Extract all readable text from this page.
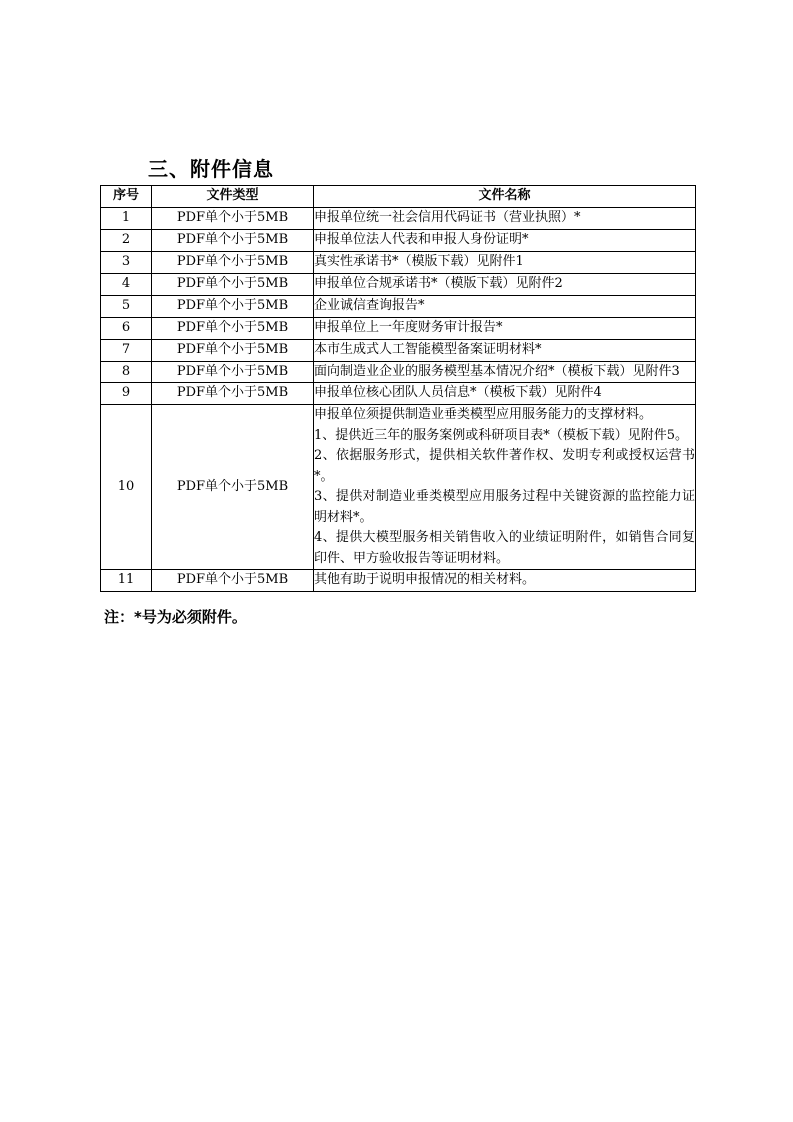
三、附件信息
序号	文件类型	文件名称
1	PDF单个小于5MB	申报单位统一社会信用代码证书（营业执照）*
2	PDF单个小于5MB	申报单位法人代表和申报人身份证明*
3	PDF单个小于5MB	真实性承诺书*（模版下载）见附件1
4	PDF单个小于5MB	申报单位合规承诺书*（模版下载）见附件2
5	PDF单个小于5MB	企业诚信查询报告*
6	PDF单个小于5MB	申报单位上一年度财务审计报告*
7	PDF单个小于5MB	本市生成式人工智能模型备案证明材料*
8	PDF单个小于5MB	面向制造业企业的服务模型基本情况介绍*（模板下载）见附件3
9	PDF单个小于5MB	申报单位核心团队人员信息*（模板下载）见附件4
10	PDF单个小于5MB	申报单位须提供制造业垂类模型应用服务能力的支撑材料。
1、提供近三年的服务案例或科研项目表*（模板下载）见附件5。
2、依据服务形式，提供相关软件著作权、发明专利或授权运营书*。
3、提供对制造业垂类模型应用服务过程中关键资源的监控能力证明材料*。
4、提供大模型服务相关销售收入的业绩证明附件，如销售合同复印件、甲方验收报告等证明材料。

11	PDF单个小于5MB	其他有助于说明申报情况的相关材料。
注：*号为必须附件。
